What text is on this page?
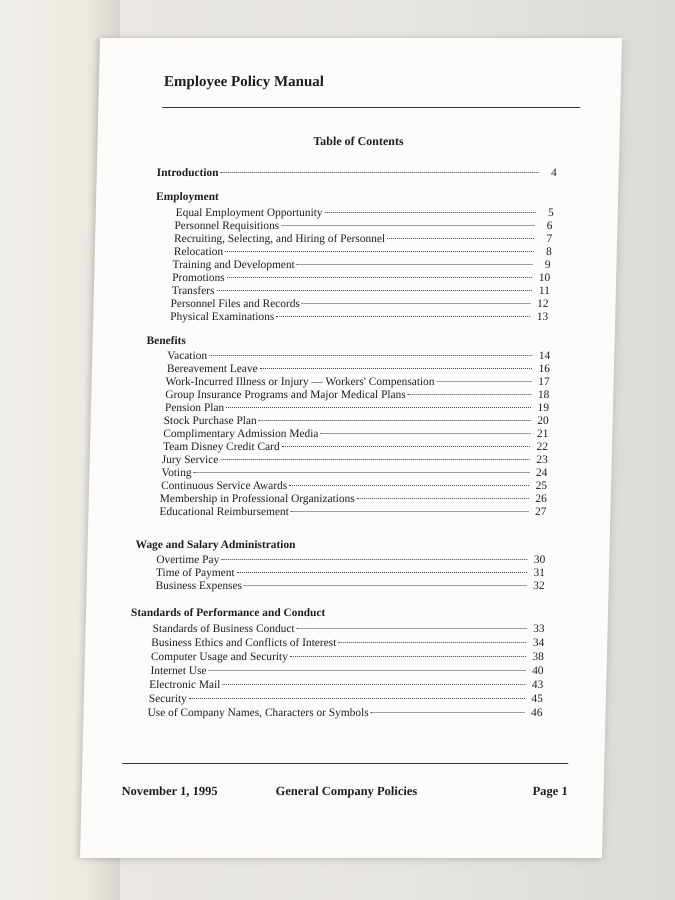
Employee Policy Manual
Table of Contents
Introduction	4
Employment
Equal Employment Opportunity	5
Personnel Requisitions	6
Recruiting, Selecting, and Hiring of Personnel	7
Relocation	8
Training and Development	9
Promotions	10
Transfers	11
Personnel Files and Records	12
Physical Examinations	13
Benefits
Vacation	14
Bereavement Leave	16
Work-Incurred Illness or Injury — Workers' Compensation	17
Group Insurance Programs and Major Medical Plans	18
Pension Plan	19
Stock Purchase Plan	20
Complimentary Admission Media	21
Team Disney Credit Card	22
Jury Service	23
Voting	24
Continuous Service Awards	25
Membership in Professional Organizations	26
Educational Reimbursement	27
Wage and Salary Administration
Overtime Pay	30
Time of Payment	31
Business Expenses	32
Standards of Performance and Conduct
Standards of Business Conduct	33
Business Ethics and Conflicts of Interest	34
Computer Usage and Security	38
Internet Use	40
Electronic Mail	43
Security	45
Use of Company Names, Characters or Symbols	46
November 1, 1995	General Company Policies	Page 1
